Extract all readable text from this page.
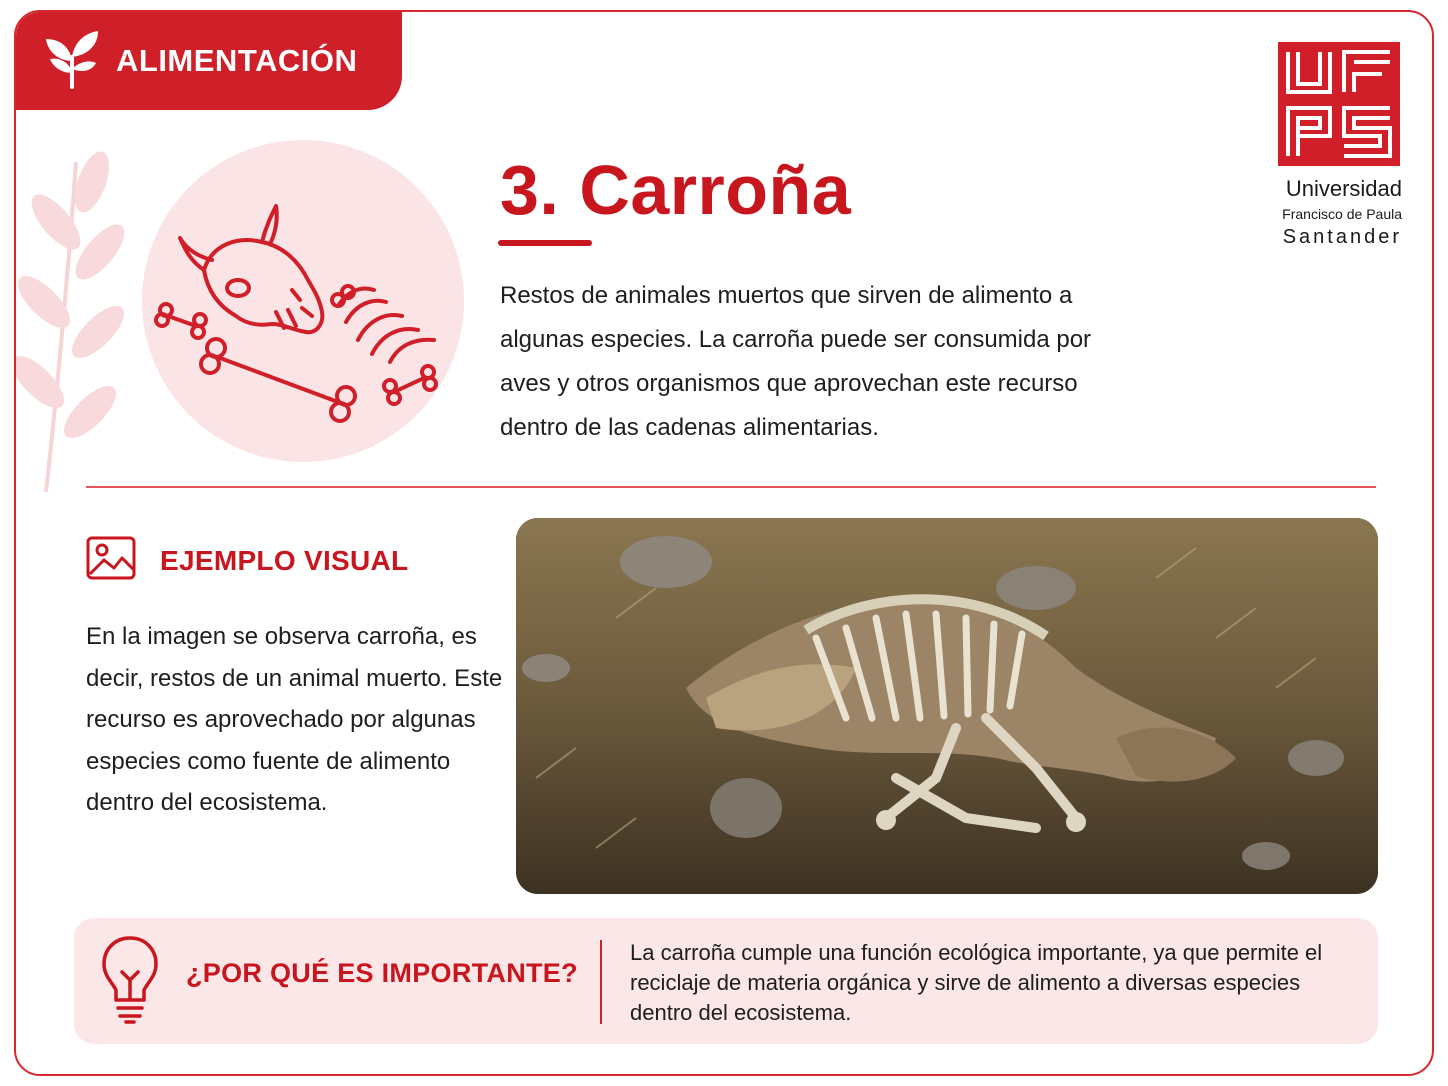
ALIMENTACIÓN
3. Carroña

Restos de animales muertos que sirven de alimento a algunas especies. La carroña puede ser consumida por aves y otros organismos que aprovechan este recurso dentro de las cadenas alimentarias.

Universidad
Francisco de Paula
Santander
EJEMPLO VISUAL

En la imagen se observa carroña, es decir, restos de un animal muerto. Este recurso es aprovechado por algunas especies como fuente de alimento dentro del ecosistema.

¿POR QUÉ ES IMPORTANTE?

La carroña cumple una función ecológica importante, ya que permite el reciclaje de materia orgánica y sirve de alimento a diversas especies dentro del ecosistema.
